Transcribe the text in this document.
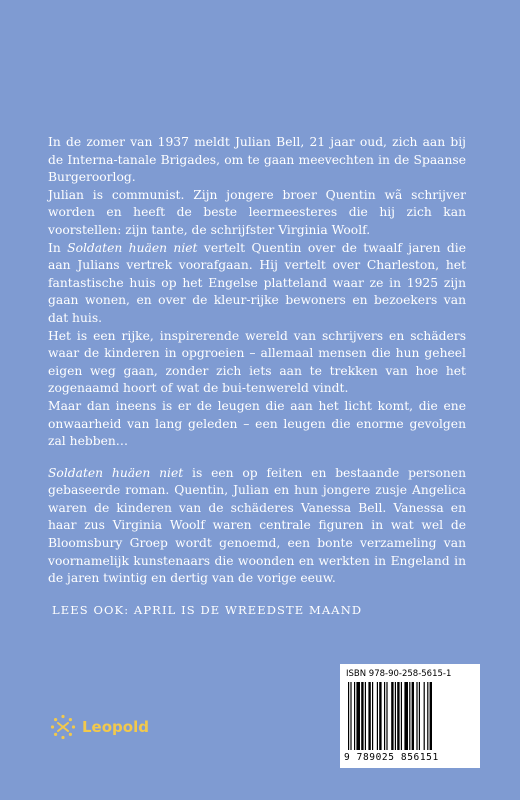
In de zomer van 1937 meldt Julian Bell, 21 jaar oud, zich aan bij de Interna-tanale Brigades, om te gaan meevechten in de Spaanse Burgeroorlog.

Julian is communist. Zijn jongere broer Quentin wã schrijver worden en heeft de beste leermeesteres die hij zich kan voorstellen: zijn tante, de schrijfster Virginia Woolf.

In Soldaten huäen niet vertelt Quentin over de twaalf jaren die aan Julians vertrek voorafgaan. Hij vertelt over Charleston, het fantastische huis op het Engelse platteland waar ze in 1925 zijn gaan wonen, en over de kleur-rijke bewoners en bezoekers van dat huis.

Het is een rijke, inspirerende wereld van schrijvers en schäders waar de kinderen in opgroeien – allemaal mensen die hun geheel eigen weg gaan, zonder zich iets aan te trekken van hoe het zogenaamd hoort of wat de bui-tenwereld vindt.

Maar dan ineens is er de leugen die aan het licht komt, die ene onwaarheid van lang geleden – een leugen die enorme gevolgen zal hebben…

Soldaten huäen niet is een op feiten en bestaande personen gebaseerde roman. Quentin, Julian en hun jongere zusje Angelica waren de kinderen van de schäderes Vanessa Bell. Vanessa en haar zus Virginia Woolf waren centrale figuren in wat wel de Bloomsbury Groep wordt genoemd, een bonte verzameling van voornamelijk kunstenaars die woonden en werkten in Engeland in de jaren twintig en dertig van de vorige eeuw.

LEES OOK: APRIL IS DE WREEDSTE MAAND
Leopold
ISBN 978-90-258-5615-1
9 789025 856151
